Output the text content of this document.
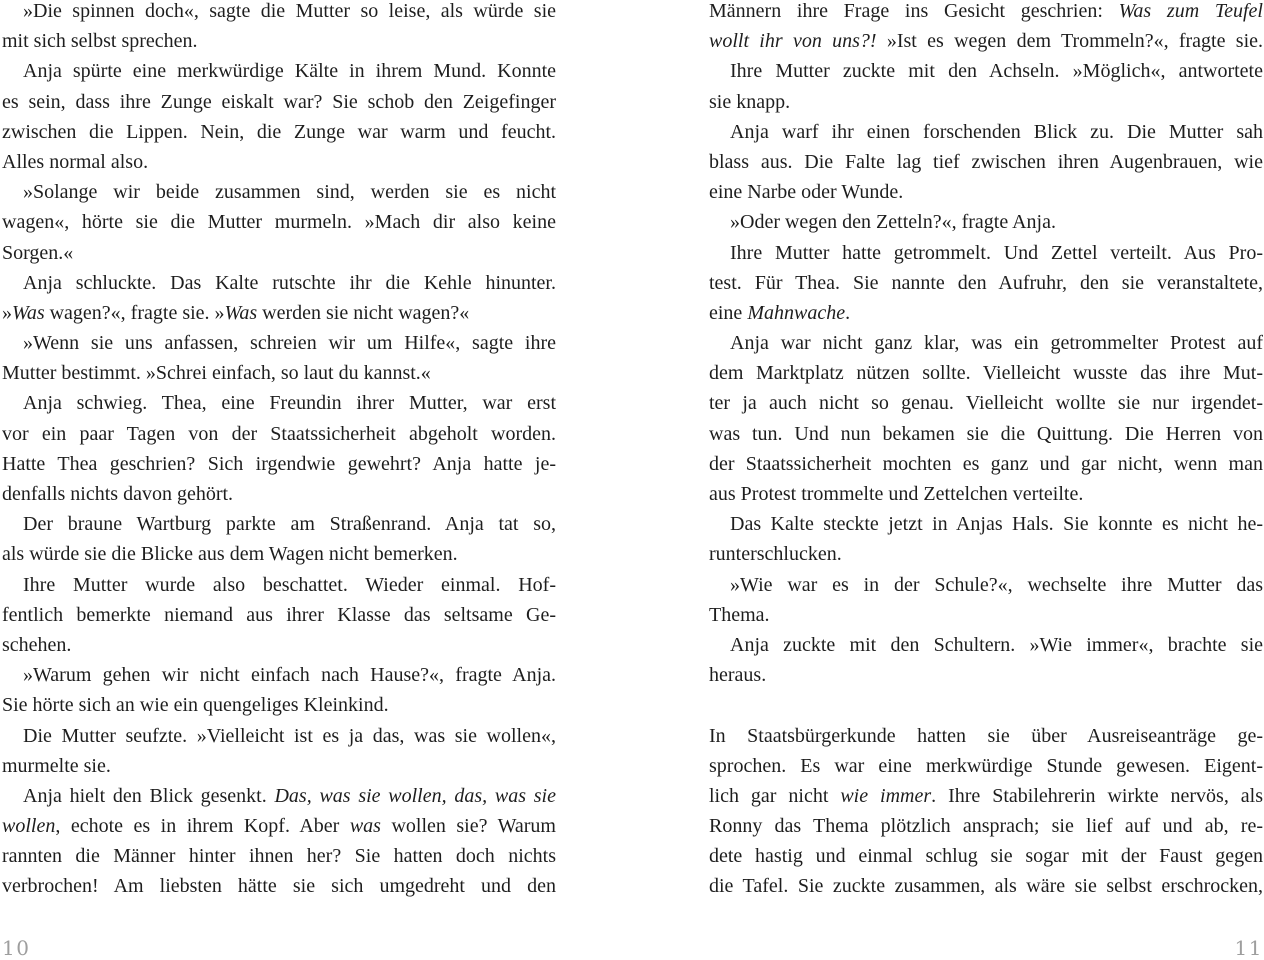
»Die spinnen doch«, sagte die Mutter so leise, als würde sie
mit sich selbst sprechen.
Anja spürte eine merkwürdige Kälte in ihrem Mund. Konnte
es sein, dass ihre Zunge eiskalt war? Sie schob den Zeigefinger
zwischen die Lippen. Nein, die Zunge war warm und feucht.
Alles normal also.
»Solange wir beide zusammen sind, werden sie es nicht
wagen«, hörte sie die Mutter murmeln. »Mach dir also keine
Sorgen.«
Anja schluckte. Das Kalte rutschte ihr die Kehle hinunter.
»Was wagen?«, fragte sie. »Was werden sie nicht wagen?«
»Wenn sie uns anfassen, schreien wir um Hilfe«, sagte ihre
Mutter bestimmt. »Schrei einfach, so laut du kannst.«
Anja schwieg. Thea, eine Freundin ihrer Mutter, war erst
vor ein paar Tagen von der Staatssicherheit abgeholt worden.
Hatte Thea geschrien? Sich irgendwie gewehrt? Anja hatte je-
denfalls nichts davon gehört.
Der braune Wartburg parkte am Straßenrand. Anja tat so,
als würde sie die Blicke aus dem Wagen nicht bemerken.
Ihre Mutter wurde also beschattet. Wieder einmal. Hof-
fentlich bemerkte niemand aus ihrer Klasse das seltsame Ge-
schehen.
»Warum gehen wir nicht einfach nach Hause?«, fragte Anja.
Sie hörte sich an wie ein quengeliges Kleinkind.
Die Mutter seufzte. »Vielleicht ist es ja das, was sie wollen«,
murmelte sie.
Anja hielt den Blick gesenkt. Das, was sie wollen, das, was sie
wollen, echote es in ihrem Kopf. Aber was wollen sie? Warum
rannten die Männer hinter ihnen her? Sie hatten doch nichts
verbrochen! Am liebsten hätte sie sich umgedreht und den
Männern ihre Frage ins Gesicht geschrien: Was zum Teufel
wollt ihr von uns?! »Ist es wegen dem Trommeln?«, fragte sie.
Ihre Mutter zuckte mit den Achseln. »Möglich«, antwortete
sie knapp.
Anja warf ihr einen forschenden Blick zu. Die Mutter sah
blass aus. Die Falte lag tief zwischen ihren Augenbrauen, wie
eine Narbe oder Wunde.
»Oder wegen den Zetteln?«, fragte Anja.
Ihre Mutter hatte getrommelt. Und Zettel verteilt. Aus Pro-
test. Für Thea. Sie nannte den Aufruhr, den sie veranstaltete,
eine Mahnwache.
Anja war nicht ganz klar, was ein getrommelter Protest auf
dem Marktplatz nützen sollte. Vielleicht wusste das ihre Mut-
ter ja auch nicht so genau. Vielleicht wollte sie nur irgendet-
was tun. Und nun bekamen sie die Quittung. Die Herren von
der Staatssicherheit mochten es ganz und gar nicht, wenn man
aus Protest trommelte und Zettelchen verteilte.
Das Kalte steckte jetzt in Anjas Hals. Sie konnte es nicht he-
runterschlucken.
»Wie war es in der Schule?«, wechselte ihre Mutter das
Thema.
Anja zuckte mit den Schultern. »Wie immer«, brachte sie
heraus.
In Staatsbürgerkunde hatten sie über Ausreiseanträge ge-
sprochen. Es war eine merkwürdige Stunde gewesen. Eigent-
lich gar nicht wie immer. Ihre Stabilehrerin wirkte nervös, als
Ronny das Thema plötzlich ansprach; sie lief auf und ab, re-
dete hastig und einmal schlug sie sogar mit der Faust gegen
die Tafel. Sie zuckte zusammen, als wäre sie selbst erschrocken,
10	11
